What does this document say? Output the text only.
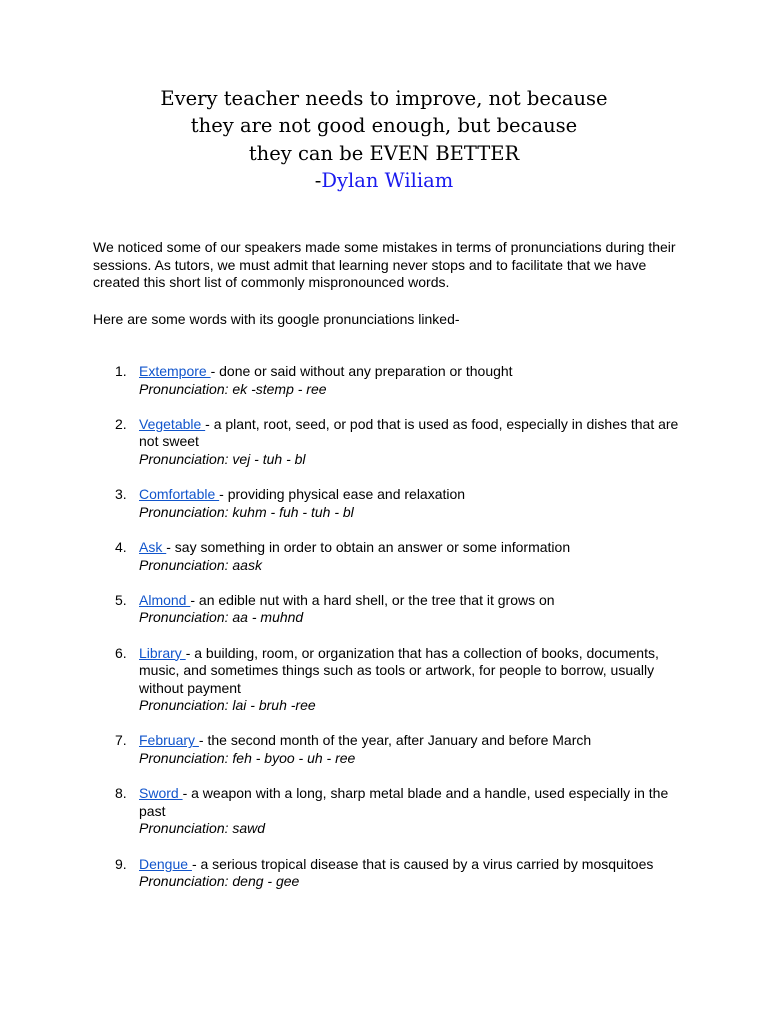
Every teacher needs to improve, not because
they are not good enough, but because
they can be EVEN BETTER
-Dylan Wiliam

We noticed some of our speakers made some mistakes in terms of pronunciations during their sessions. As tutors, we must admit that learning never stops and to facilitate that we have created this short list of commonly mispronounced words.

Here are some words with its google pronunciations linked-

1. Extempore - done or said without any preparation or thought
Pronunciation: ek -stemp - ree
2. Vegetable - a plant, root, seed, or pod that is used as food, especially in dishes that are not sweet
Pronunciation: vej - tuh - bl
3. Comfortable - providing physical ease and relaxation
Pronunciation: kuhm - fuh - tuh - bl
4. Ask - say something in order to obtain an answer or some information
Pronunciation: aask
5. Almond - an edible nut with a hard shell, or the tree that it grows on
Pronunciation: aa - muhnd
6. Library - a building, room, or organization that has a collection of books, documents, music, and sometimes things such as tools or artwork, for people to borrow, usually without payment
Pronunciation: lai - bruh -ree
7. February - the second month of the year, after January and before March
Pronunciation: feh - byoo - uh - ree
8. Sword - a weapon with a long, sharp metal blade and a handle, used especially in the past
Pronunciation: sawd
9. Dengue - a serious tropical disease that is caused by a virus carried by mosquitoes
Pronunciation: deng - gee
